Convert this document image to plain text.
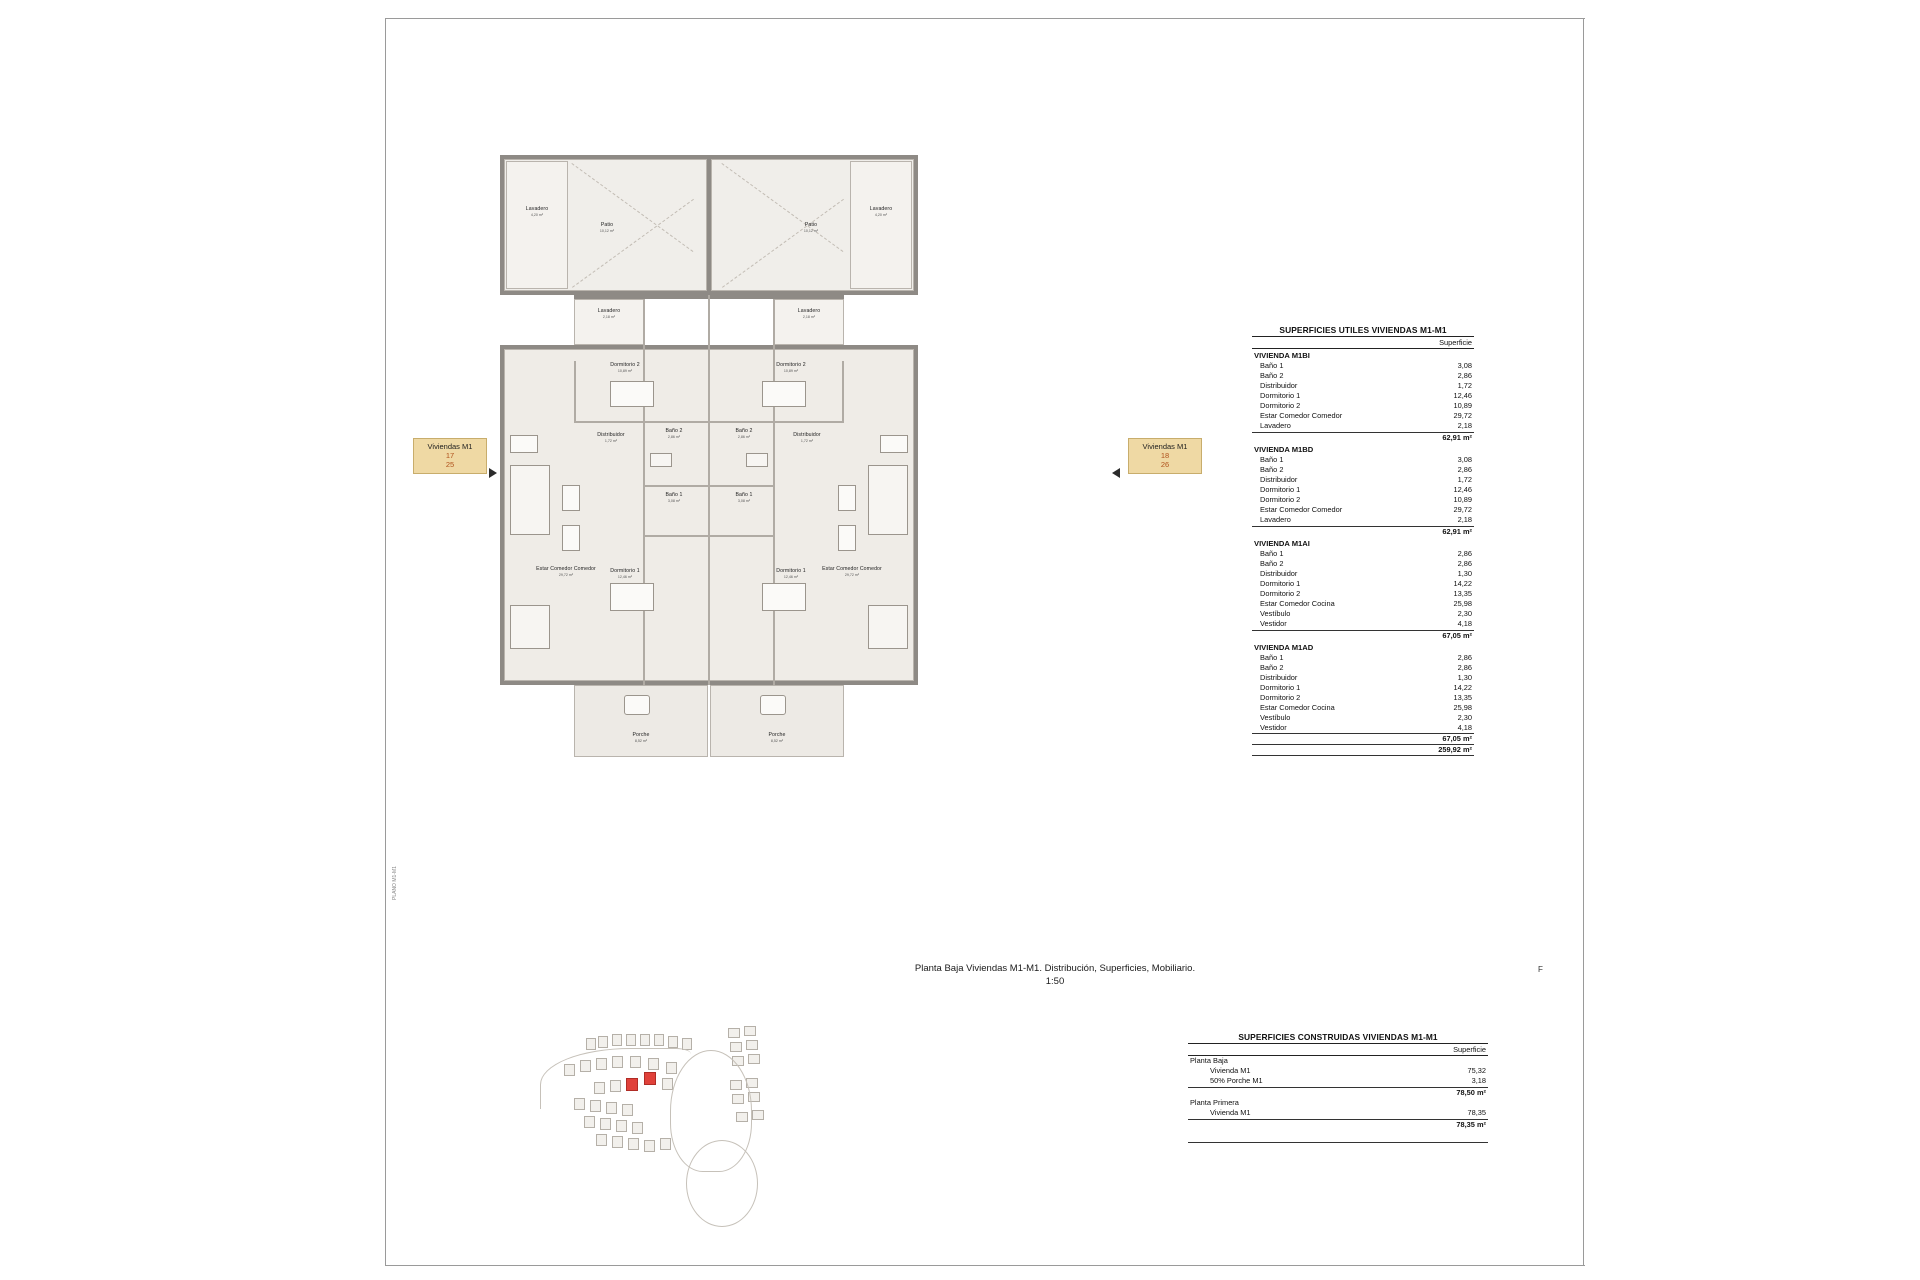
Lavadero
4,20 m²
Patio
10,12 m²
Lavadero
4,20 m²
Patio
10,12 m²
Lavadero
2,18 m²
Lavadero
2,18 m²
Dormitorio 2
10,89 m²
Dormitorio 2
10,89 m²
Distribuidor
1,72 m²
Distribuidor
1,72 m²
Baño 2
2,86 m²
Baño 2
2,86 m²
Baño 1
3,08 m²
Baño 1
3,08 m²
Estar Comedor Comedor
29,72 m²
Estar Comedor Comedor
29,72 m²
Dormitorio 1
12,46 m²
Dormitorio 1
12,46 m²
Porche
8,52 m²
Porche
8,52 m²
Viviendas M1
17
25
Viviendas M1
18
26
Planta Baja Viviendas M1-M1. Distribución, Superficies, Mobiliario.
1:50
F
PLANO M1-M1
SUPERFICIES UTILES VIVIENDAS M1-M1
Superficie
VIVIENDA M1BI
Baño 1	3,08
Baño 2	2,86
Distribuidor	1,72
Dormitorio 1	12,46
Dormitorio 2	10,89
Estar Comedor Comedor	29,72
Lavadero	2,18
62,91 m²
VIVIENDA M1BD
Baño 1	3,08
Baño 2	2,86
Distribuidor	1,72
Dormitorio 1	12,46
Dormitorio 2	10,89
Estar Comedor Comedor	29,72
Lavadero	2,18
62,91 m²
VIVIENDA M1AI
Baño 1	2,86
Baño 2	2,86
Distribuidor	1,30
Dormitorio 1	14,22
Dormitorio 2	13,35
Estar Comedor Cocina	25,98
Vestíbulo	2,30
Vestidor	4,18
67,05 m²
VIVIENDA M1AD
Baño 1	2,86
Baño 2	2,86
Distribuidor	1,30
Dormitorio 1	14,22
Dormitorio 2	13,35
Estar Comedor Cocina	25,98
Vestíbulo	2,30
Vestidor	4,18
67,05 m²
259,92 m²
SUPERFICIES CONSTRUIDAS VIVIENDAS M1-M1
Superficie
Planta Baja
Vivienda M1	75,32
50% Porche M1	3,18
78,50 m²
Planta Primera
Vivienda M1	78,35
78,35 m²
